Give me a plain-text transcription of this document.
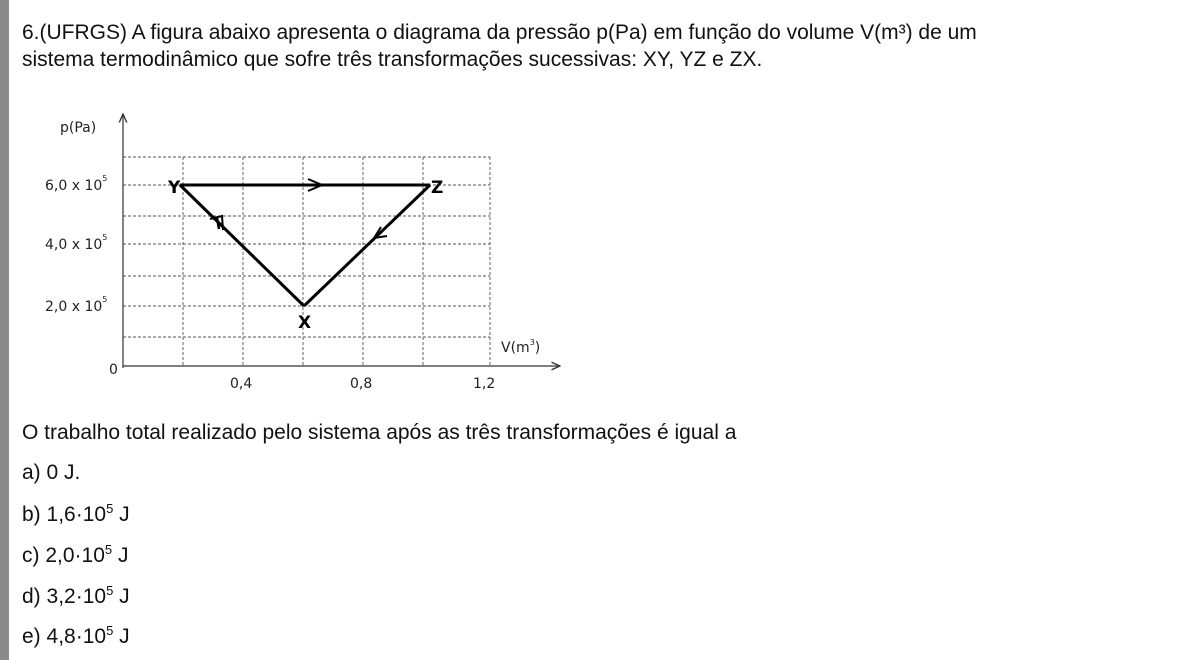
6.(UFRGS) A figura abaixo apresenta o diagrama da pressão p(Pa) em função do volume V(m³) de um
sistema termodinâmico que sofre três transformações sucessivas: XY, YZ e ZX.
p(Pa)
$V(m^3)$
6,0 x $10^5$
4,0 x $10^5$
2,0 x $10^5$
0
0,4	0,8	1,2
Y	Z
X
O trabalho total realizado pelo sistema após as três transformações é igual a
a) 0 J.
b) $1,6\cdot 10^5$ J
c) $2,0\cdot 10^5$ J
d) $3,2\cdot 10^5$ J
e) $4,8\cdot 10^5$ J
